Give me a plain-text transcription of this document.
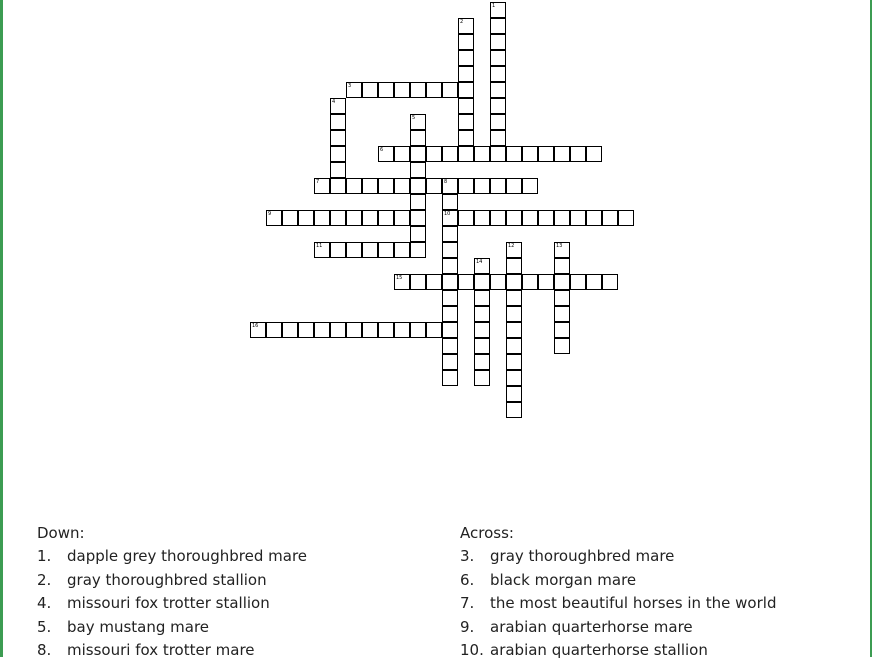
1
2
3
4
5
6
7	8
10
9
11	12	13
14
15
16
Down:
1. dapple grey thoroughbred mare
2. gray thoroughbred stallion
4. missouri fox trotter stallion
5. bay mustang mare
8. missouri fox trotter mare
Across:
3. gray thoroughbred mare
6. black morgan mare
7. the most beautiful horses in the world
9. arabian quarterhorse mare
10. arabian quarterhorse stallion
